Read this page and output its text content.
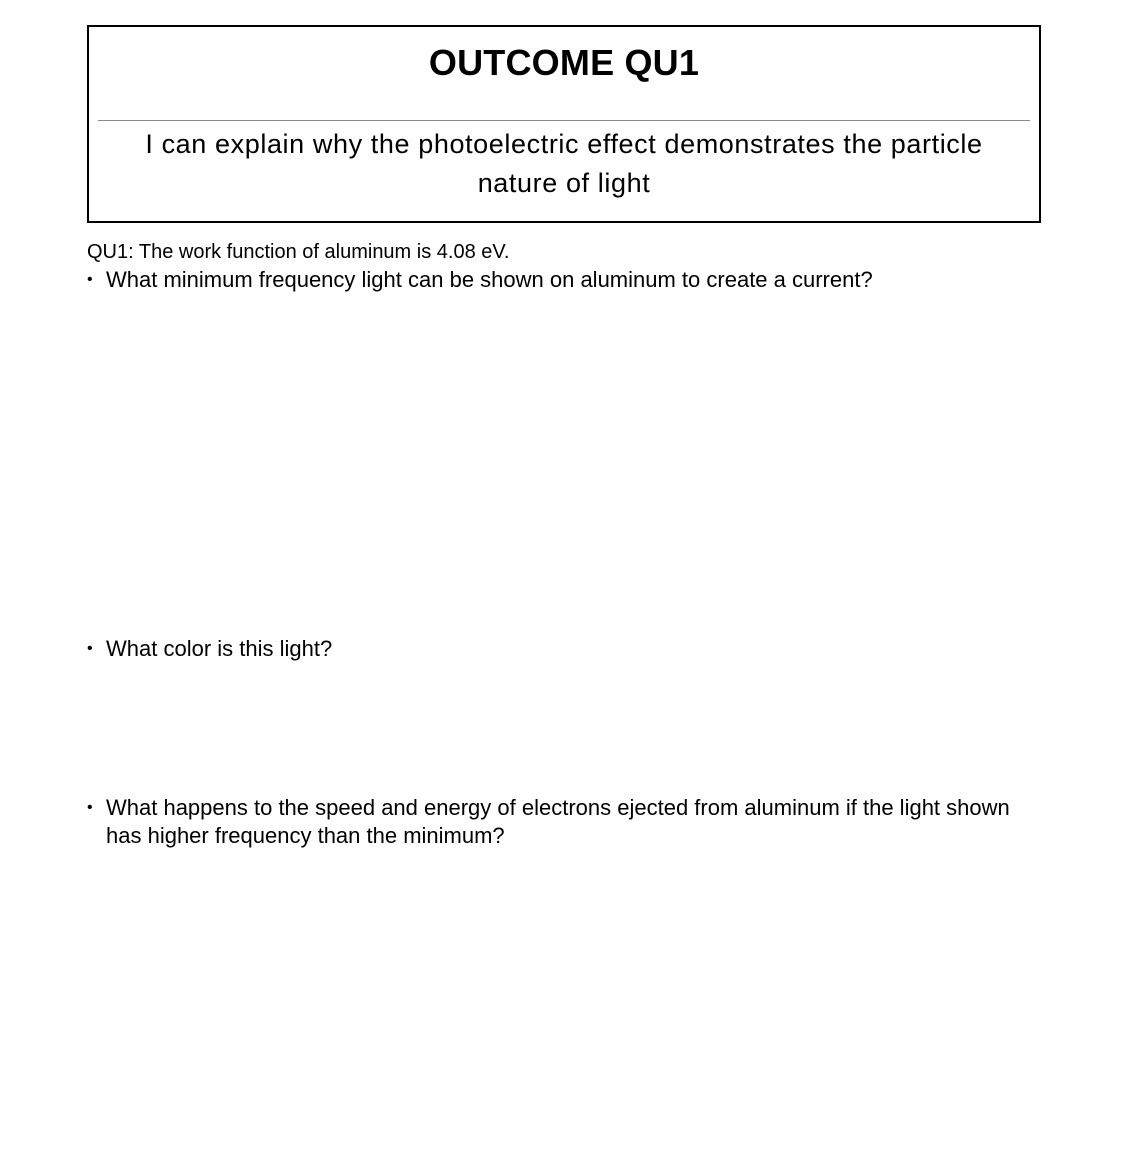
OUTCOME QU1
I can explain why the photoelectric effect demonstrates the particle nature of light
QU1: The work function of aluminum is 4.08 eV.
• What minimum frequency light can be shown on aluminum to create a current?
• What color is this light?
• What happens to the speed and energy of electrons ejected from aluminum if the light shown has higher frequency than the minimum?
